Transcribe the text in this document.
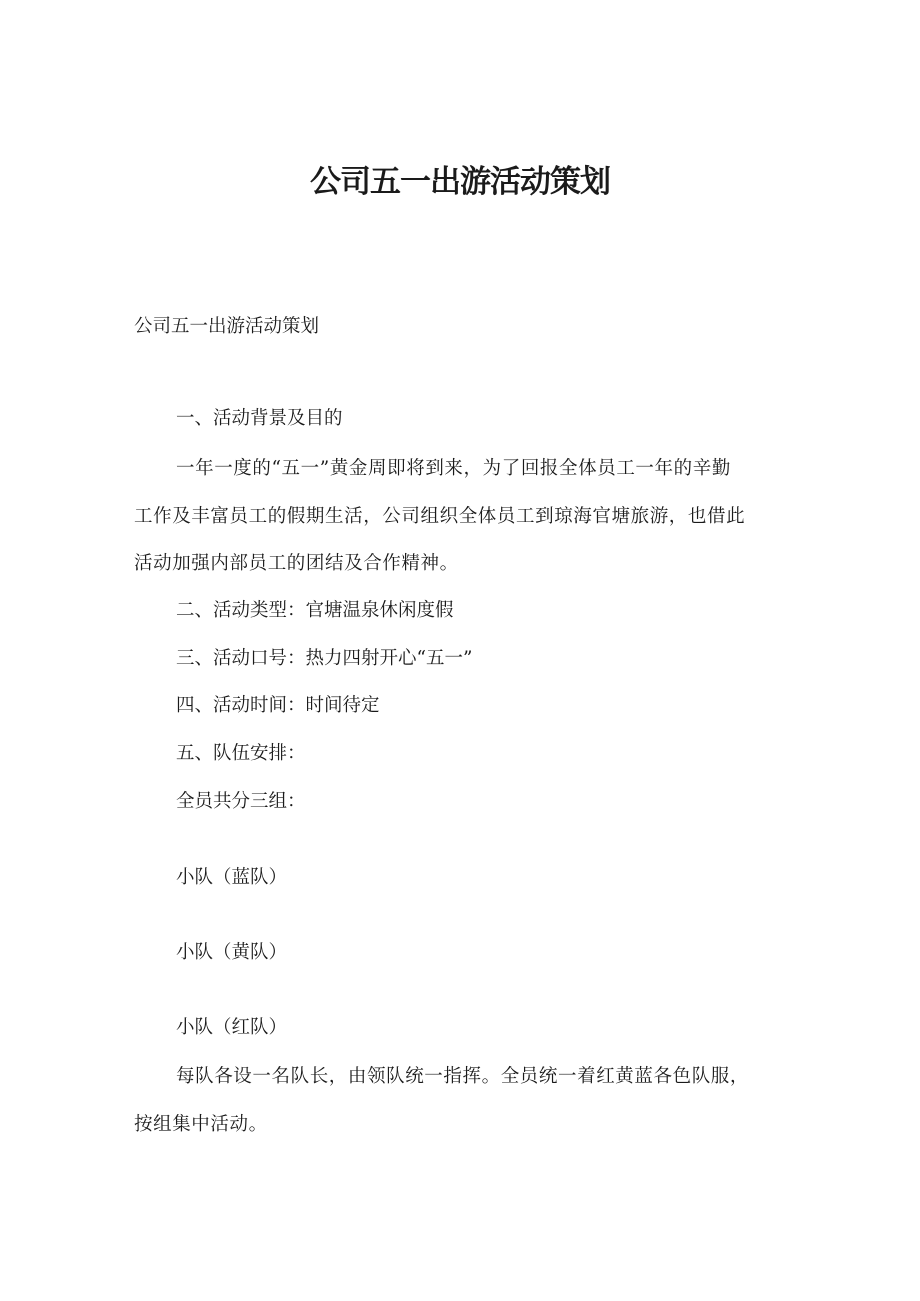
公司五一出游活动策划

公司五一出游活动策划

一、活动背景及目的

一年一度的“五一”黄金周即将到来，为了回报全体员工一年的辛勤

工作及丰富员工的假期生活，公司组织全体员工到琼海官塘旅游，也借此

活动加强内部员工的团结及合作精神。

二、活动类型：官塘温泉休闲度假

三、活动口号：热力四射开心“五一”

四、活动时间：时间待定

五、队伍安排：

全员共分三组：

小队（蓝队）

小队（黄队）

小队（红队）

每队各设一名队长，由领队统一指挥。全员统一着红黄蓝各色队服，

按组集中活动。
